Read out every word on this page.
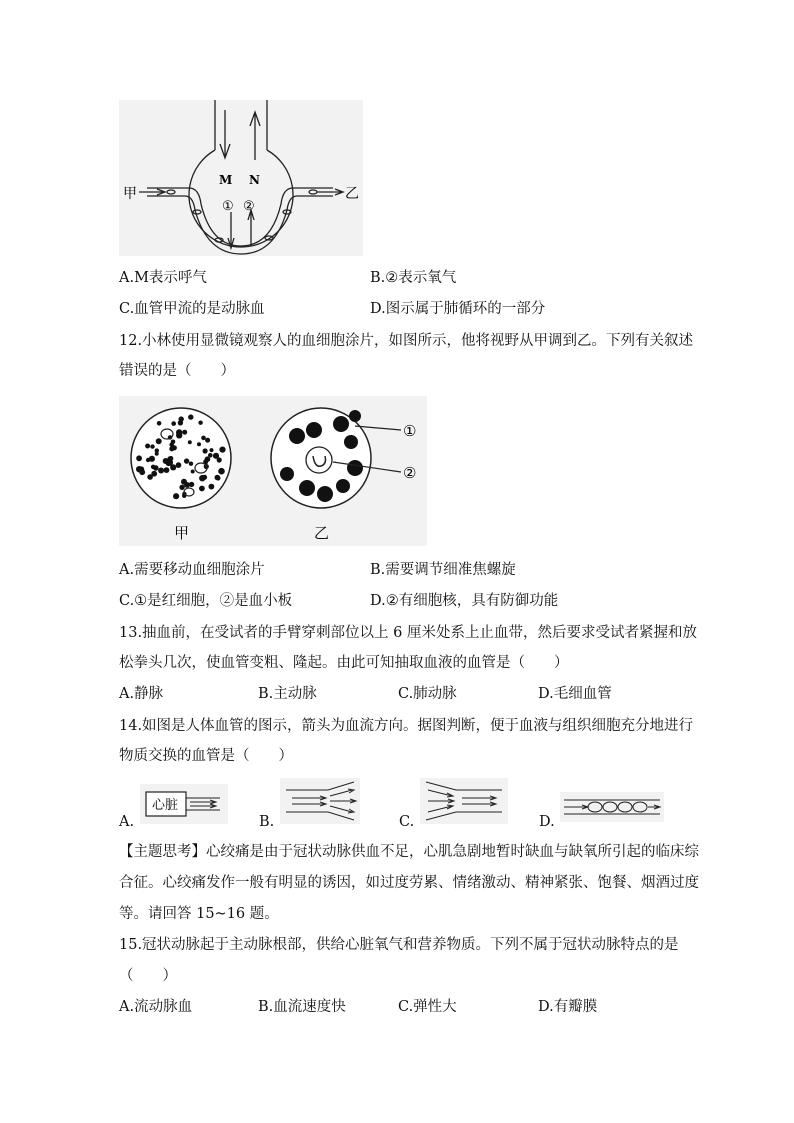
甲	乙
M N
① ②
A.M表示呼气	B.②表示氧气
C.血管甲流的是动脉血	D.图示属于肺循环的一部分
12.小林使用显微镜观察人的血细胞涂片，如图所示，他将视野从甲调到乙。下列有关叙述
错误的是（　　）
①
②
甲	乙
A.需要移动血细胞涂片	B.需要调节细准焦螺旋
C.①是红细胞，②是血小板	D.②有细胞核，具有防御功能
13.抽血前，在受试者的手臂穿刺部位以上 6 厘米处系上止血带，然后要求受试者紧握和放
松拳头几次，使血管变粗、隆起。由此可知抽取血液的血管是（　　）
A.静脉	B.主动脉	C.肺动脉	D.毛细血管
14.如图是人体血管的图示，箭头为血流方向。据图判断，便于血液与组织细胞充分地进行
物质交换的血管是（　　）
A.
心脏
B.	C.	D.
【主题思考】心绞痛是由于冠状动脉供血不足，心肌急剧地暂时缺血与缺氧所引起的临床综
合征。心绞痛发作一般有明显的诱因，如过度劳累、情绪激动、精神紧张、饱餐、烟酒过度
等。请回答 15~16 题。
15.冠状动脉起于主动脉根部，供给心脏氧气和营养物质。下列不属于冠状动脉特点的是
（　　）
A.流动脉血	B.血流速度快	C.弹性大	D.有瓣膜
